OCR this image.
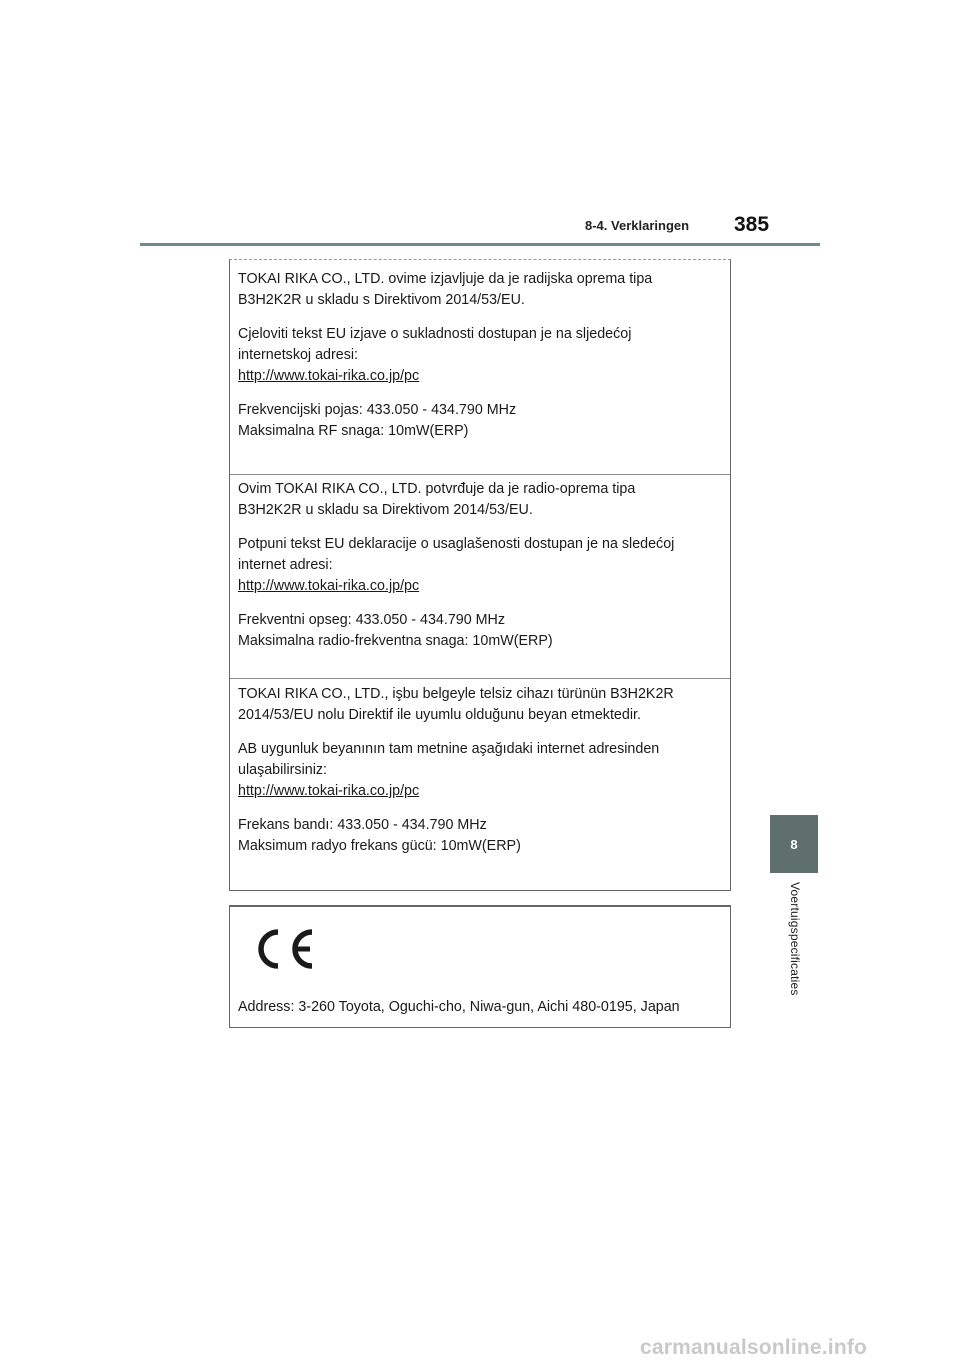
8-4. Verklaringen 385
8
Voertuigspecificaties

TOKAI RIKA CO., LTD. ovime izjavljuje da je radijska oprema tipa
B3H2K2R u skladu s Direktivom 2014/53/EU.

Cjeloviti tekst EU izjave o sukladnosti dostupan je na sljedećoj
internetskoj adresi:
http://www.tokai-rika.co.jp/pc

Frekvencijski pojas: 433.050 - 434.790 MHz
Maksimalna RF snaga: 10mW(ERP)

Ovim TOKAI RIKA CO., LTD. potvrđuje da je radio-oprema tipa
B3H2K2R u skladu sa Direktivom 2014/53/EU.

Potpuni tekst EU deklaracije o usaglašenosti dostupan je na sledećoj
internet adresi:
http://www.tokai-rika.co.jp/pc

Frekventni opseg: 433.050 - 434.790 MHz
Maksimalna radio-frekventna snaga: 10mW(ERP)

TOKAI RIKA CO., LTD., işbu belgeyle telsiz cihazı türünün B3H2K2R
2014/53/EU nolu Direktif ile uyumlu olduğunu beyan etmektedir.

AB uygunluk beyanının tam metnine aşağıdaki internet adresinden
ulaşabilirsiniz:
http://www.tokai-rika.co.jp/pc

Frekans bandı: 433.050 - 434.790 MHz
Maksimum radyo frekans gücü: 10mW(ERP)

Address: 3-260 Toyota, Oguchi-cho, Niwa-gun, Aichi 480-0195, Japan
carmanualsonline.info
